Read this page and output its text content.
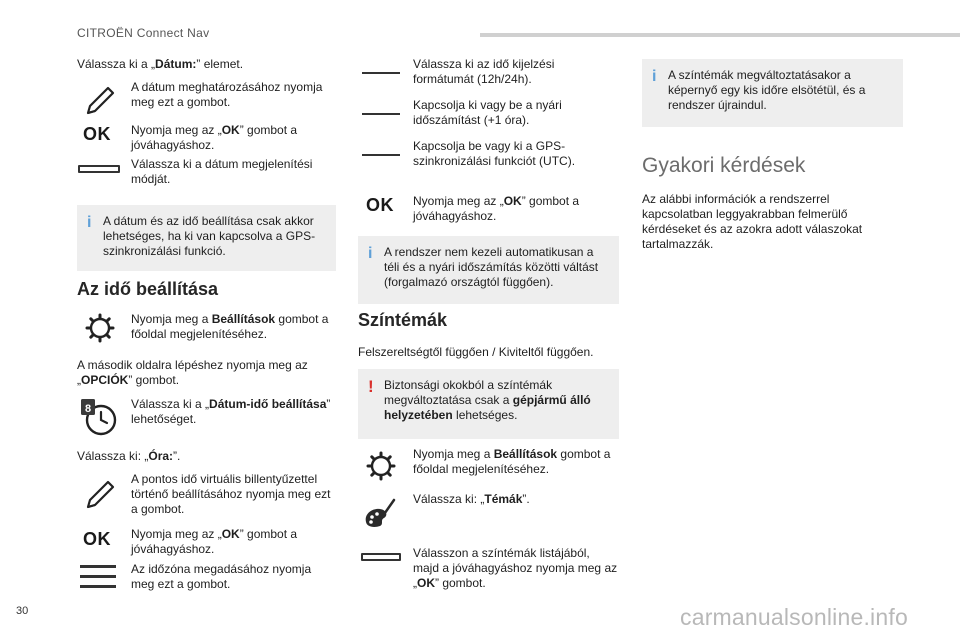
CITROËN Connect Nav
Válassza ki a „Dátum:” elemet.
A dátum meghatározásához nyomja meg ezt a gombot.
OK Nyomja meg az „OK” gombot a jóváhagyáshoz.
Válassza ki a dátum megjelenítési módját.
i A dátum és az idő beállítása csak akkor lehetséges, ha ki van kapcsolva a GPS-szinkronizálási funkció.
Az idő beállítása
Nyomja meg a Beállítások gombot a főoldal megjelenítéséhez.
A második oldalra lépéshez nyomja meg az „OPCIÓK” gombot.
8	Válassza ki a „Dátum-idő beállítása” lehetőséget.
Válassza ki: „Óra:”.
A pontos idő virtuális billentyűzettel történő beállításához nyomja meg ezt a gombot.
OK Nyomja meg az „OK” gombot a jóváhagyáshoz.
Az időzóna megadásához nyomja meg ezt a gombot.
Válassza ki az idő kijelzési formátumát (12h/24h).
Kapcsolja ki vagy be a nyári időszámítást (+1 óra).
Kapcsolja be vagy ki a GPS-szinkronizálási funkciót (UTC).
OK Nyomja meg az „OK” gombot a jóváhagyáshoz.
i A rendszer nem kezeli automatikusan a téli és a nyári időszámítás közötti váltást (forgalmazó országtól függően).
Színtémák
Felszereltségtől függően / Kiviteltől függően.
! Biztonsági okokból a színtémák megváltoztatása csak a gépjármű álló helyzetében lehetséges.
Nyomja meg a Beállítások gombot a főoldal megjelenítéséhez.
Válassza ki: „Témák”.
Válasszon a színtémák listájából, majd a jóváhagyáshoz nyomja meg az „OK” gombot.
i A színtémák megváltoztatásakor a képernyő egy kis időre elsötétül, és a rendszer újraindul.
Gyakori kérdések
Az alábbi információk a rendszerrel kapcsolatban leggyakrabban felmerülő kérdéseket és az azokra adott válaszokat tartalmazzák.
30	carmanualsonline.info
